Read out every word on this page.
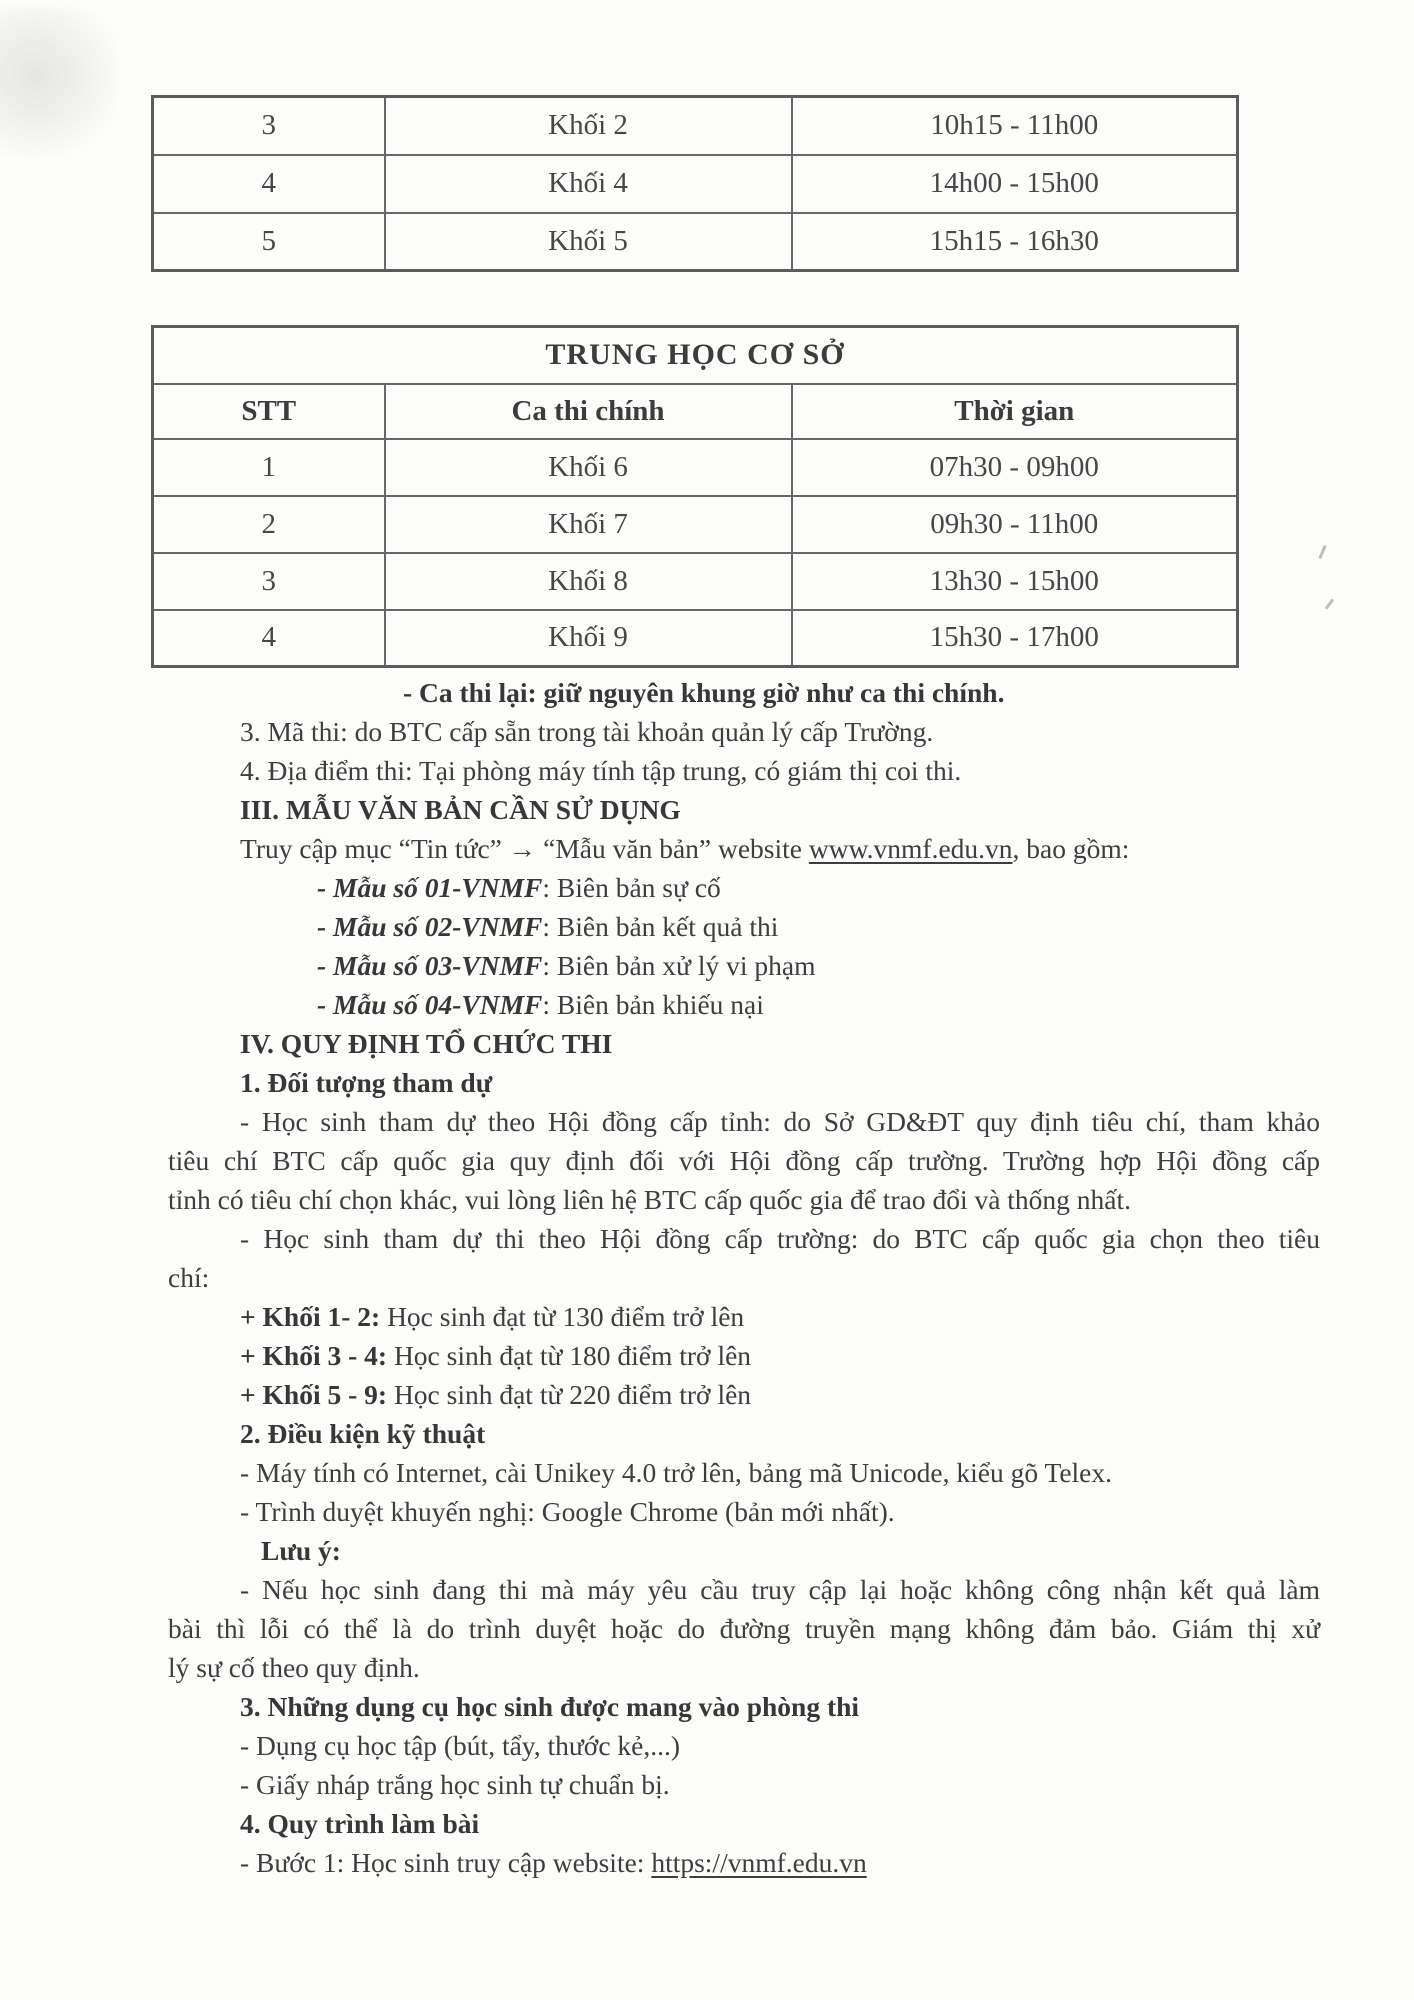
3	Khối 2	10h15 - 11h00
4	Khối 4	14h00 - 15h00
5	Khối 5	15h15 - 16h30
TRUNG HỌC CƠ SỞ		
STT	Ca thi chính	Thời gian
1	Khối 6	07h30 - 09h00
2	Khối 7	09h30 - 11h00
3	Khối 8	13h30 - 15h00
4	Khối 9	15h30 - 17h00
- Ca thi lại: giữ nguyên khung giờ như ca thi chính.
3. Mã thi: do BTC cấp sẵn trong tài khoản quản lý cấp Trường.
4. Địa điểm thi: Tại phòng máy tính tập trung, có giám thị coi thi.
III. MẪU VĂN BẢN CẦN SỬ DỤNG
Truy cập mục “Tin tức” → “Mẫu văn bản” website www.vnmf.edu.vn, bao gồm:
- Mẫu số 01-VNMF: Biên bản sự cố
- Mẫu số 02-VNMF: Biên bản kết quả thi
- Mẫu số 03-VNMF: Biên bản xử lý vi phạm
- Mẫu số 04-VNMF: Biên bản khiếu nại
IV. QUY ĐỊNH TỔ CHỨC THI
1. Đối tượng tham dự
- Học sinh tham dự theo Hội đồng cấp tỉnh: do Sở GD&ĐT quy định tiêu chí, tham khảo
tiêu chí BTC cấp quốc gia quy định đối với Hội đồng cấp trường. Trường hợp Hội đồng cấp
tỉnh có tiêu chí chọn khác, vui lòng liên hệ BTC cấp quốc gia để trao đổi và thống nhất.
- Học sinh tham dự thi theo Hội đồng cấp trường: do BTC cấp quốc gia chọn theo tiêu
chí:
+ Khối 1- 2: Học sinh đạt từ 130 điểm trở lên
+ Khối 3 - 4: Học sinh đạt từ 180 điểm trở lên
+ Khối 5 - 9: Học sinh đạt từ 220 điểm trở lên
2. Điều kiện kỹ thuật
- Máy tính có Internet, cài Unikey 4.0 trở lên, bảng mã Unicode, kiểu gõ Telex.
- Trình duyệt khuyến nghị: Google Chrome (bản mới nhất).
Lưu ý:
- Nếu học sinh đang thi mà máy yêu cầu truy cập lại hoặc không công nhận kết quả làm
bài thì lỗi có thể là do trình duyệt hoặc do đường truyền mạng không đảm bảo. Giám thị xử
lý sự cố theo quy định.
3. Những dụng cụ học sinh được mang vào phòng thi
- Dụng cụ học tập (bút, tẩy, thước kẻ,...)
- Giấy nháp trắng học sinh tự chuẩn bị.
4. Quy trình làm bài
- Bước 1: Học sinh truy cập website: https://vnmf.edu.vn
